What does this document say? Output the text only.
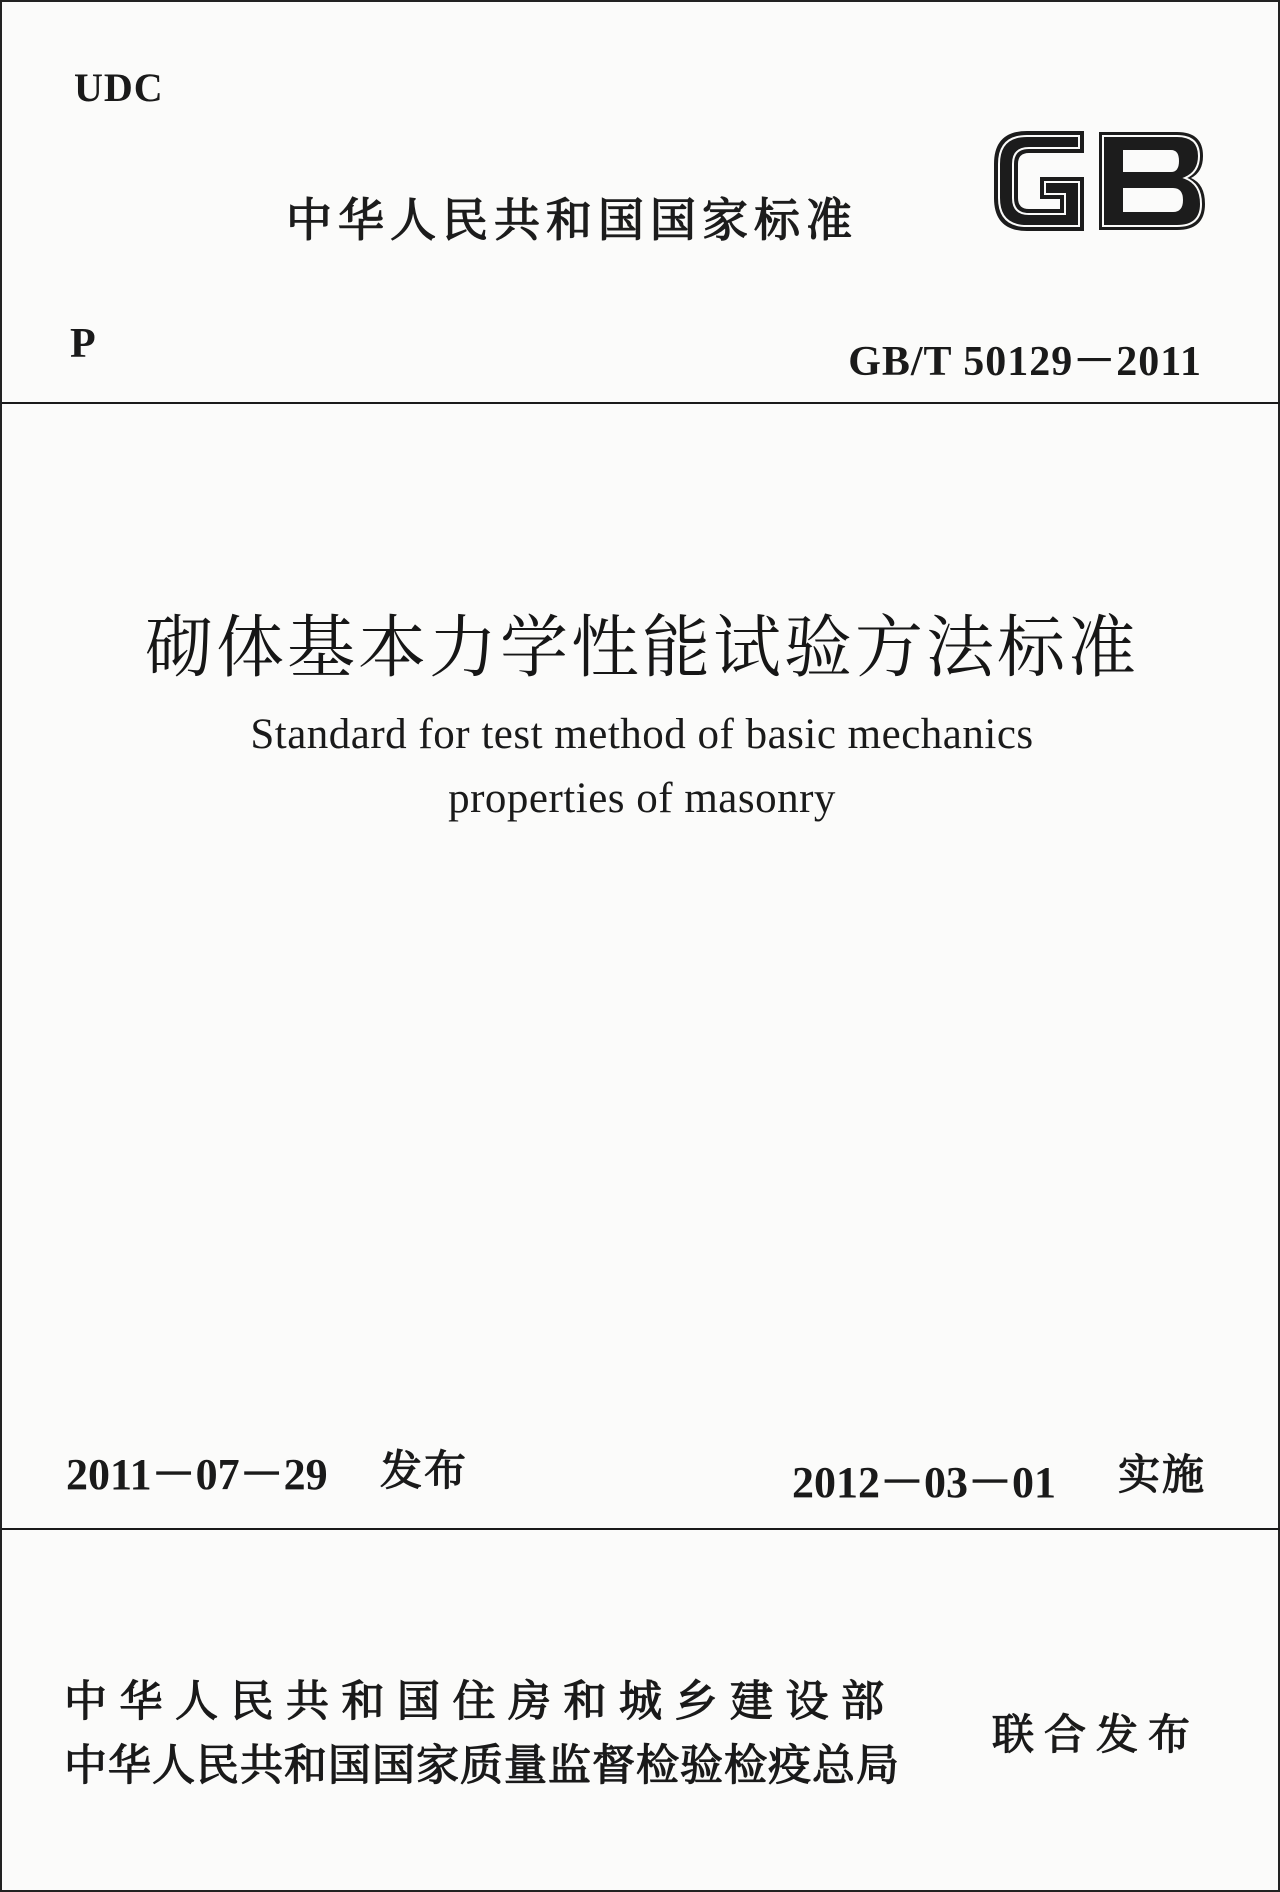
UDC
中华人民共和国国家标准
P	GB/T 50129－2011
砌体基本力学性能试验方法标准
Standard for test method of basic mechanics
properties of masonry
2011－07－29 发布	2012－03－01 实施
中华人民共和国住房和城乡建设部
中华人民共和国国家质量监督检验检疫总局
联合发布
